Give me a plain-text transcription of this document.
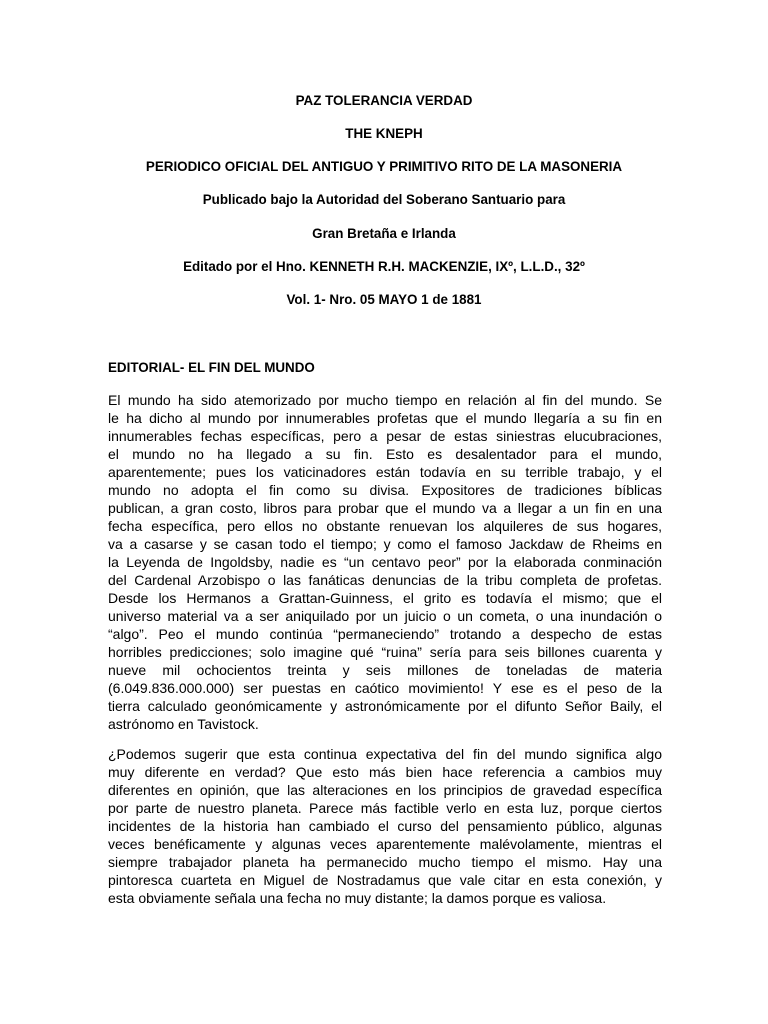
PAZ TOLERANCIA VERDAD
THE KNEPH
PERIODICO OFICIAL DEL ANTIGUO Y PRIMITIVO RITO DE LA MASONERIA
Publicado bajo la Autoridad del Soberano Santuario para
Gran Bretaña e Irlanda
Editado por el Hno. KENNETH R.H. MACKENZIE, IXº, L.L.D., 32º
Vol. 1- Nro. 05 MAYO 1 de 1881
EDITORIAL- EL FIN DEL MUNDO
El mundo ha sido atemorizado por mucho tiempo en relación al fin del mundo. Se
le ha dicho al mundo por innumerables profetas que el mundo llegaría a su fin en
innumerables fechas específicas, pero a pesar de estas siniestras elucubraciones,
el mundo no ha llegado a su fin. Esto es desalentador para el mundo,
aparentemente; pues los vaticinadores están todavía en su terrible trabajo, y el
mundo no adopta el fin como su divisa. Expositores de tradiciones bíblicas
publican, a gran costo, libros para probar que el mundo va a llegar a un fin en una
fecha específica, pero ellos no obstante renuevan los alquileres de sus hogares,
va a casarse y se casan todo el tiempo; y como el famoso Jackdaw de Rheims en
la Leyenda de Ingoldsby, nadie es “un centavo peor” por la elaborada conminación
del Cardenal Arzobispo o las fanáticas denuncias de la tribu completa de profetas.
Desde los Hermanos a Grattan-Guinness, el grito es todavía el mismo; que el
universo material va a ser aniquilado por un juicio o un cometa, o una inundación o
“algo”. Peo el mundo continúa “permaneciendo” trotando a despecho de estas
horribles predicciones; solo imagine qué “ruina” sería para seis billones cuarenta y
nueve mil ochocientos treinta y seis millones de toneladas de materia
(6.049.836.000.000) ser puestas en caótico movimiento! Y ese es el peso de la
tierra calculado geonómicamente y astronómicamente por el difunto Señor Baily, el
astrónomo en Tavistock.
¿Podemos sugerir que esta continua expectativa del fin del mundo significa algo
muy diferente en verdad? Que esto más bien hace referencia a cambios muy
diferentes en opinión, que las alteraciones en los principios de gravedad específica
por parte de nuestro planeta. Parece más factible verlo en esta luz, porque ciertos
incidentes de la historia han cambiado el curso del pensamiento público, algunas
veces benéficamente y algunas veces aparentemente malévolamente, mientras el
siempre trabajador planeta ha permanecido mucho tiempo el mismo. Hay una
pintoresca cuarteta en Miguel de Nostradamus que vale citar en esta conexión, y
esta obviamente señala una fecha no muy distante; la damos porque es valiosa.
